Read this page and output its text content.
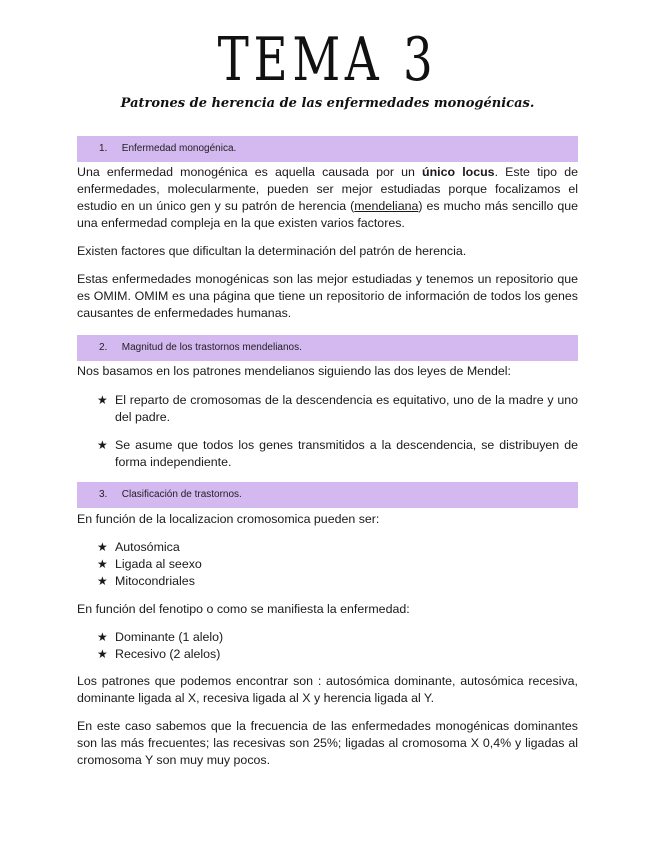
TEMA 3
Patrones de herencia de las enfermedades monogénicas.
1. Enfermedad monogénica.

Una enfermedad monogénica es aquella causada por un único locus. Este tipo de enfermedades, molecularmente, pueden ser mejor estudiadas porque focalizamos el estudio en un único gen y su patrón de herencia (mendeliana) es mucho más sencillo que una enfermedad compleja en la que existen varios factores.

Existen factores que dificultan la determinación del patrón de herencia.

Estas enfermedades monogénicas son las mejor estudiadas y tenemos un repositorio que es OMIM. OMIM es una página que tiene un repositorio de información de todos los genes causantes de enfermedades humanas.

2. Magnitud de los trastornos mendelianos.

Nos basamos en los patrones mendelianos siguiendo las dos leyes de Mendel:

★ El reparto de cromosomas de la descendencia es equitativo, uno de la madre y uno del padre.
★ Se asume que todos los genes transmitidos a la descendencia, se distribuyen de forma independiente.
3. Clasificación de trastornos.

En función de la localizacion cromosomica pueden ser:

★ Autosómica
★ Ligada al seexo
★ Mitocondriales

En función del fenotipo o como se manifiesta la enfermedad:

★ Dominante (1 alelo)
★ Recesivo (2 alelos)

Los patrones que podemos encontrar son : autosómica dominante, autosómica recesiva, dominante ligada al X, recesiva ligada al X y herencia ligada al Y.

En este caso sabemos que la frecuencia de las enfermedades monogénicas dominantes son las más frecuentes; las recesivas son 25%; ligadas al cromosoma X 0,4% y ligadas al cromosoma Y son muy muy pocos.
